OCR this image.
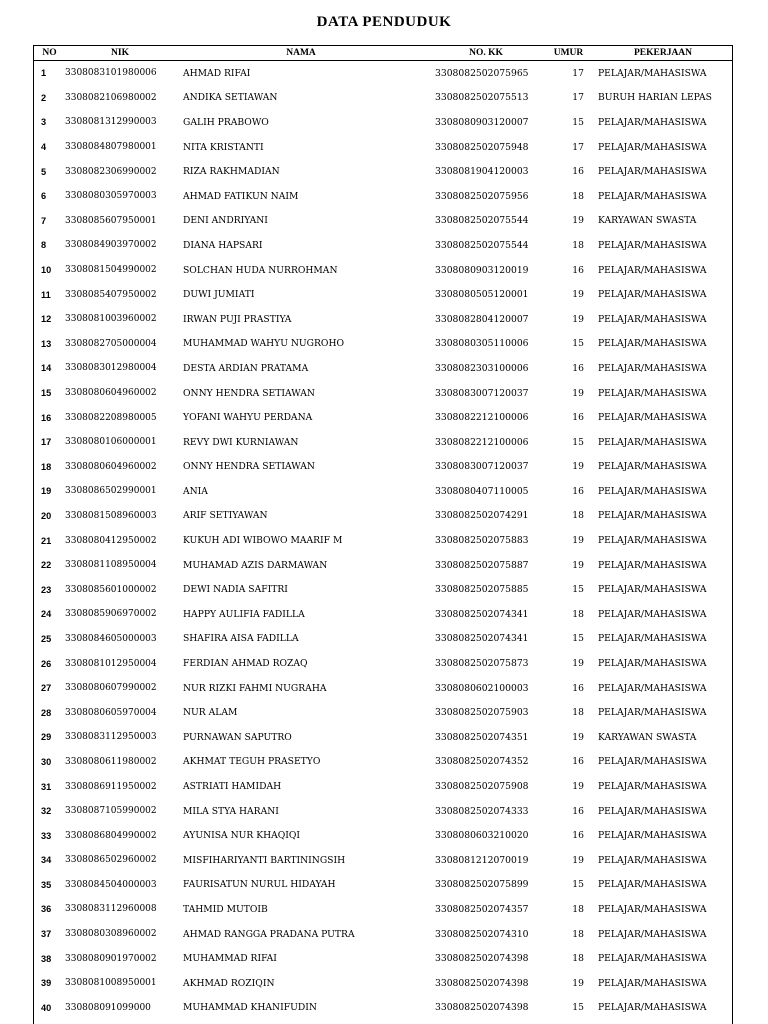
DATA PENDUDUK
NO	NIK	NAMA	NO. KK	UMUR	PEKERJAAN
1	3308083101980006	AHMAD RIFAI	3308082502075965	17	PELAJAR/MAHASISWA
2	3308082106980002	ANDIKA SETIAWAN	3308082502075513	17	BURUH HARIAN LEPAS
3	3308081312990003	GALIH PRABOWO	3308080903120007	15	PELAJAR/MAHASISWA
4	3308084807980001	NITA KRISTANTI	3308082502075948	17	PELAJAR/MAHASISWA
5	3308082306990002	RIZA RAKHMADIAN	3308081904120003	16	PELAJAR/MAHASISWA
6	3308080305970003	AHMAD FATIKUN NAIM	3308082502075956	18	PELAJAR/MAHASISWA
7	3308085607950001	DENI ANDRIYANI	3308082502075544	19	KARYAWAN SWASTA
8	3308084903970002	DIANA HAPSARI	3308082502075544	18	PELAJAR/MAHASISWA
10	3308081504990002	SOLCHAN HUDA NURROHMAN	3308080903120019	16	PELAJAR/MAHASISWA
11	3308085407950002	DUWI JUMIATI	3308080505120001	19	PELAJAR/MAHASISWA
12	3308081003960002	IRWAN PUJI PRASTIYA	3308082804120007	19	PELAJAR/MAHASISWA
13	3308082705000004	MUHAMMAD WAHYU NUGROHO	3308080305110006	15	PELAJAR/MAHASISWA
14	3308083012980004	DESTA ARDIAN PRATAMA	3308082303100006	16	PELAJAR/MAHASISWA
15	3308080604960002	ONNY HENDRA SETIAWAN	3308083007120037	19	PELAJAR/MAHASISWA
16	3308082208980005	YOFANI WAHYU PERDANA	3308082212100006	16	PELAJAR/MAHASISWA
17	3308080106000001	REVY DWI KURNIAWAN	3308082212100006	15	PELAJAR/MAHASISWA
18	3308080604960002	ONNY HENDRA SETIAWAN	3308083007120037	19	PELAJAR/MAHASISWA
19	3308086502990001	ANIA	3308080407110005	16	PELAJAR/MAHASISWA
20	3308081508960003	ARIF SETIYAWAN	3308082502074291	18	PELAJAR/MAHASISWA
21	3308080412950002	KUKUH ADI WIBOWO MAARIF M	3308082502075883	19	PELAJAR/MAHASISWA
22	3308081108950004	MUHAMAD AZIS DARMAWAN	3308082502075887	19	PELAJAR/MAHASISWA
23	3308085601000002	DEWI NADIA SAFITRI	3308082502075885	15	PELAJAR/MAHASISWA
24	3308085906970002	HAPPY AULIFIA FADILLA	3308082502074341	18	PELAJAR/MAHASISWA
25	3308084605000003	SHAFIRA AISA FADILLA	3308082502074341	15	PELAJAR/MAHASISWA
26	3308081012950004	FERDIAN AHMAD ROZAQ	3308082502075873	19	PELAJAR/MAHASISWA
27	3308080607990002	NUR RIZKI FAHMI NUGRAHA	3308080602100003	16	PELAJAR/MAHASISWA
28	3308080605970004	NUR ALAM	3308082502075903	18	PELAJAR/MAHASISWA
29	3308083112950003	PURNAWAN SAPUTRO	3308082502074351	19	KARYAWAN SWASTA
30	3308080611980002	AKHMAT TEGUH PRASETYO	3308082502074352	16	PELAJAR/MAHASISWA
31	3308086911950002	ASTRIATI HAMIDAH	3308082502075908	19	PELAJAR/MAHASISWA
32	3308087105990002	MILA STYA HARANI	3308082502074333	16	PELAJAR/MAHASISWA
33	3308086804990002	AYUNISA NUR KHAQIQI	3308080603210020	16	PELAJAR/MAHASISWA
34	3308086502960002	MISFIHARIYANTI BARTININGSIH	3308081212070019	19	PELAJAR/MAHASISWA
35	3308084504000003	FAURISATUN NURUL HIDAYAH	3308082502075899	15	PELAJAR/MAHASISWA
36	3308083112960008	TAHMID MUTOIB	3308082502074357	18	PELAJAR/MAHASISWA
37	3308080308960002	AHMAD RANGGA PRADANA PUTRA	3308082502074310	18	PELAJAR/MAHASISWA
38	3308080901970002	MUHAMMAD RIFAI	3308082502074398	18	PELAJAR/MAHASISWA
39	3308081008950001	AKHMAD ROZIQIN	3308082502074398	19	PELAJAR/MAHASISWA
40	330808091099000	MUHAMMAD KHANIFUDIN	3308082502074398	15	PELAJAR/MAHASISWA
